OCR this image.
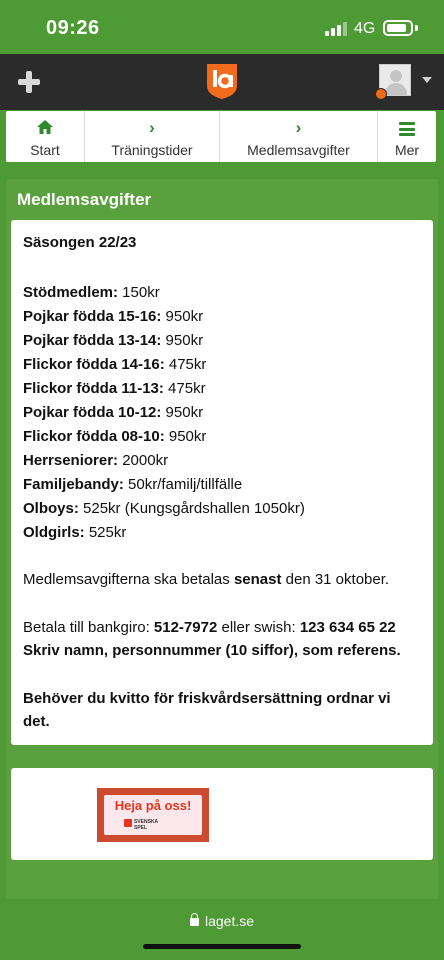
09:26	4G
Start
›
Träningstider
›
Medlemsavgifter	Mer
Medlemsavgifter
Säsongen 22/23
Stödmedlem: 150kr
Pojkar födda 15-16: 950kr
Pojkar födda 13-14: 950kr
Flickor födda 14-16: 475kr
Flickor födda 11-13: 475kr
Pojkar födda 10-12: 950kr
Flickor födda 08-10: 950kr
Herrseniorer: 2000kr
Familjebandy: 50kr/familj/tillfälle
Olboys: 525kr (Kungsgårdshallen 1050kr)
Oldgirls: 525kr
Medlemsavgifterna ska betalas senast den 31 oktober.
Betala till bankgiro: 512-7972 eller swish: 123 634 65 22
Skriv namn, personnummer (10 siffor), som referens.
Behöver du kvitto för friskvårdsersättning ordnar vi
det.
Heja på oss!
SVENSKA
SPEL
laget.se
